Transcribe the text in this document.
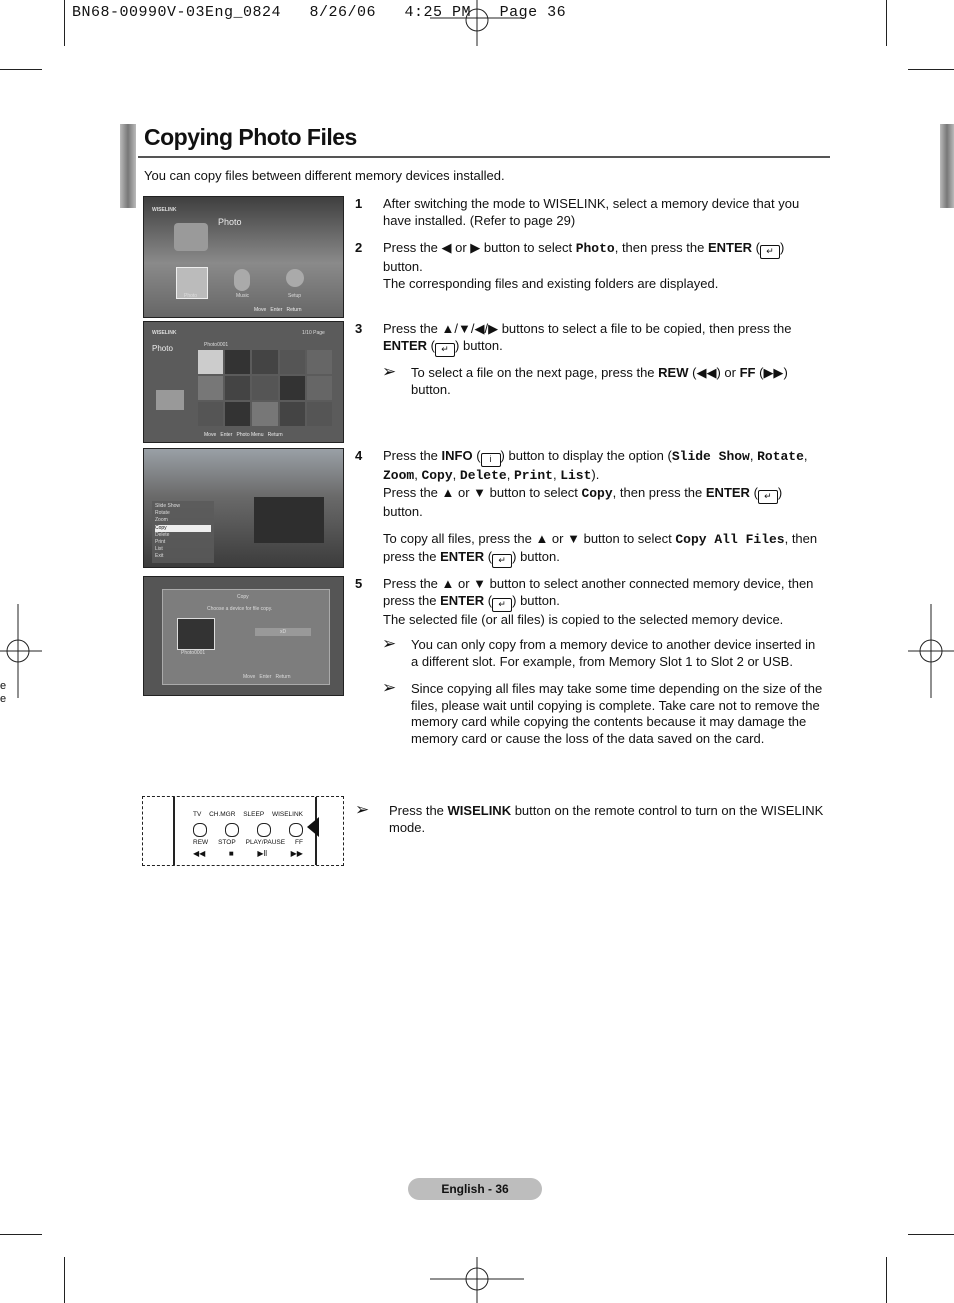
e
e
BN68-00990V-03Eng_0824   8/26/06   4:25 PM   Page 36
Copying Photo Files
You can copy files between different memory devices installed.
WISELINK
Photo
Photo	Music	Setup
Move Enter Return
WISELINK	1/10 Page
Photo	Photo0001
Move Enter Photo Menu Return
Slide Show
Rotate
Zoom
Copy
Delete
Print
List
Exit
Copy
Choose a device for file copy.
Photo0001
xD
Move Enter Return
1 After switching the mode to WISELINK, select a memory device that you
have installed. (Refer to page 29)
2 Press the ◀ or ▶ button to select Photo, then press the ENTER ( ↵ )
button.
The corresponding files and existing folders are displayed.
3 Press the ▲/▼/◀/▶ buttons to select a file to be copied, then press the
ENTER ( ↵ ) button.
➢ To select a file on the next page, press the REW (◀◀) or FF (▶▶)
button.
4 Press the INFO ( i ) button to display the option (Slide Show, Rotate,
Zoom, Copy, Delete, Print, List).
Press the ▲ or ▼ button to select Copy, then press the ENTER ( ↵ )
button.
To copy all files, press the ▲ or ▼ button to select Copy All Files, then
press the ENTER ( ↵ ) button.
5 Press the ▲ or ▼ button to select another connected memory device, then
press the ENTER ( ↵ ) button.
The selected file (or all files) is copied to the selected memory device.
➢ You can only copy from a memory device to another device inserted in
a different slot. For example, from Memory Slot 1 to Slot 2 or USB.
➢ Since copying all files may take some time depending on the size of the
files, please wait until copying is complete. Take care not to remove the
memory card while copying the contents because it may damage the
memory card or cause the loss of the data saved on the card.
TV CH.MGR SLEEP WISELINK
REW STOP PLAY/PAUSE FF
◀◀	■	▶ll	▶▶
➢ Press the WISELINK button on the remote control to turn on the WISELINK
mode.
English - 36
